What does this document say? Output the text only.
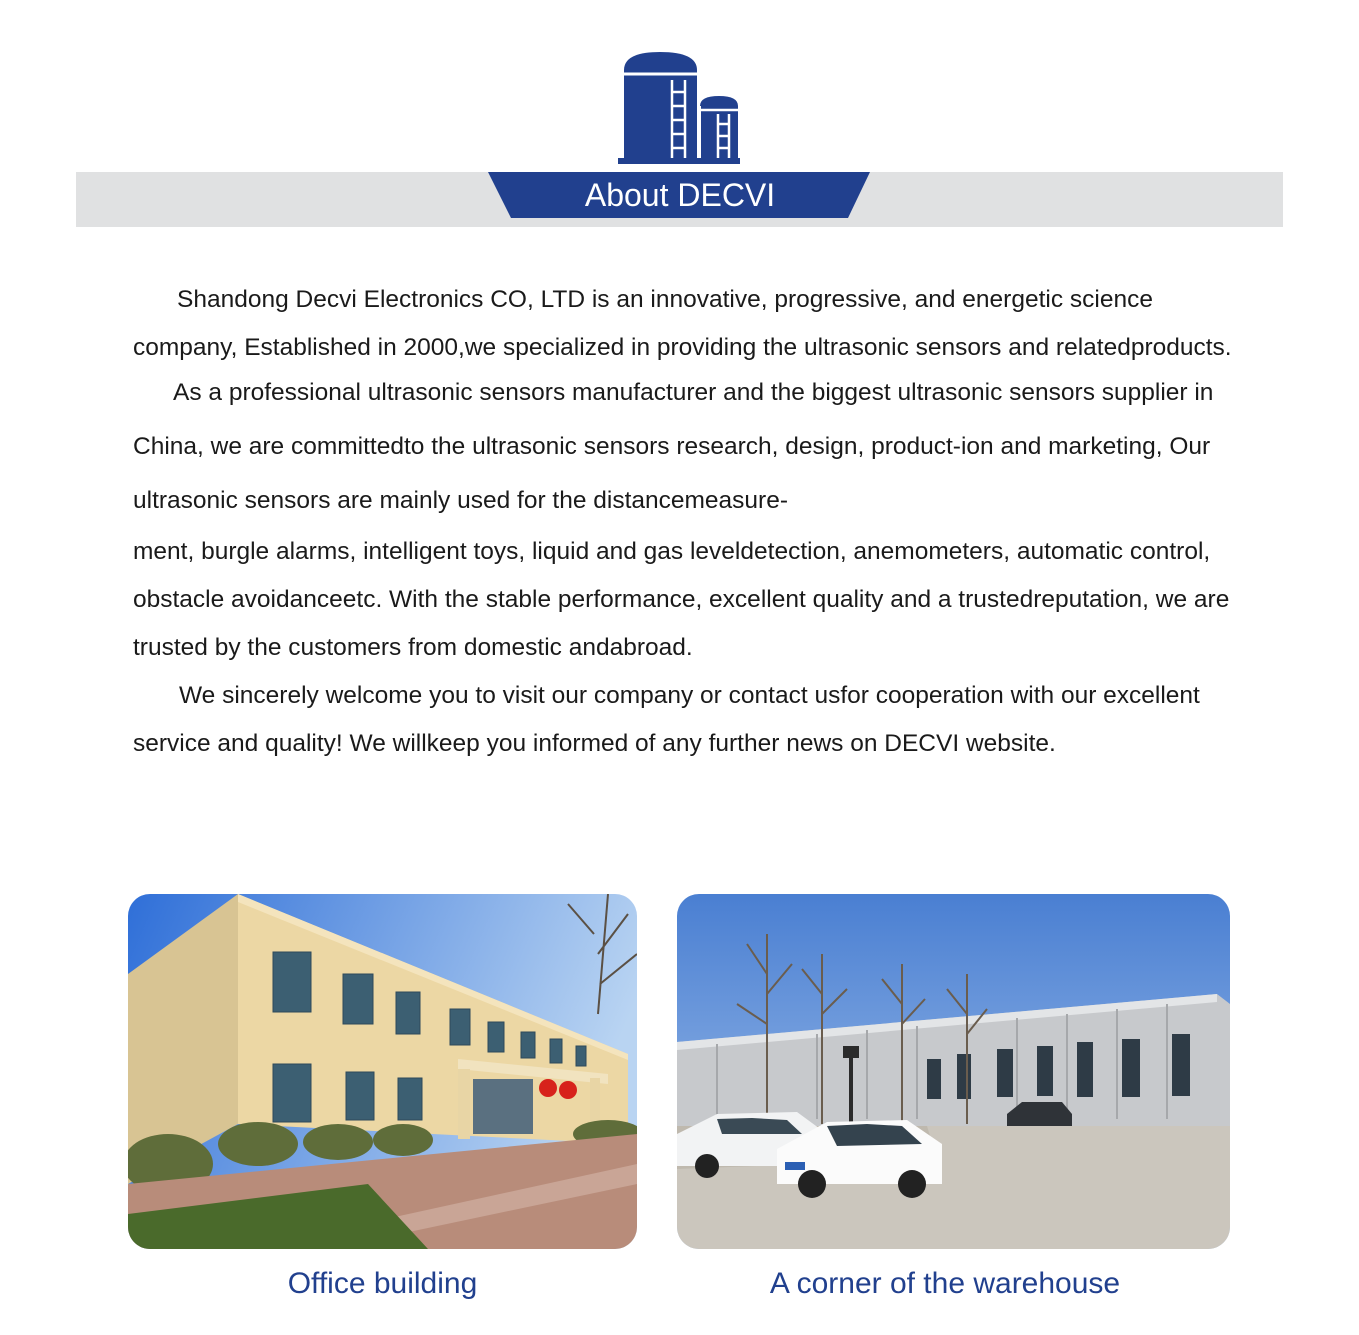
About DECVI

Shandong Decvi Electronics CO, LTD is an innovative, progressive, and energetic science company, Established in 2000,we specialized in providing the ultrasonic sensors and relatedproducts.

As a professional ultrasonic sensors manufacturer and the biggest ultrasonic sensors supplier in China, we are committedto the ultrasonic sensors research, design, product-ion and marketing, Our ultrasonic sensors are mainly used for the distancemeasure-

ment, burgle alarms, intelligent toys, liquid and gas leveldetection, anemometers, automatic control, obstacle avoidanceetc. With the stable performance, excellent quality and a trustedreputation, we are trusted by the customers from domestic andabroad.

We sincerely welcome you to visit our company or contact usfor cooperation with our excellent service and quality! We willkeep you informed of any further news on DECVI website.

Office building	A corner of the warehouse
